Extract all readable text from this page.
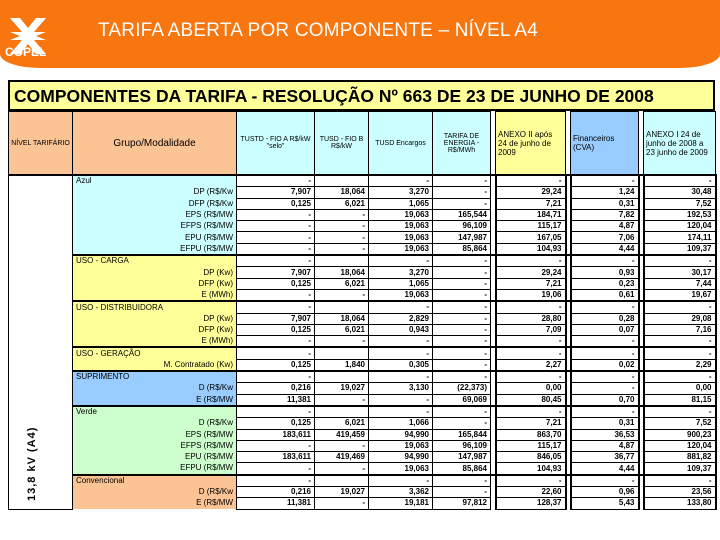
COPEL
TARIFA ABERTA POR COMPONENTE – NÍVEL A4
COMPONENTES DA TARIFA - RESOLUÇÃO Nº 663 DE 23 DE JUNHO DE 2008
NÍVEL TARIFÁRIO	Grupo/Modalidade	TUSTD - FIO A R$/kW "selo"	TUSD - FIO B R$/kW	TUSD Encargos	TARIFA DE ENERGIA - R$/MWh		ANEXO II após 24 de junho de 2009		Financeiros (CVA)		ANEXO I 24 de junho de 2008 a 23 junho de 2009

13,8 kV (A4)	Azul	-		-	-		-		-		-
	DP (R$/Kw	7,907	18,064	3,270	-		29,24		1,24		30,48
	DFP (R$/Kw	0,125	6,021	1,065	-		7,21		0,31		7,52
	EPS (R$/MW	-	-	19,063	165,544		184,71		7,82		192,53
	EFPS (R$/MW	-	-	19,063	96,109		115,17		4,87		120,04
	EPU (R$/MW	-	-	19,063	147,987		167,05		7,06		174,11
	EFPU (R$/MW	-	-	19,063	85,864		104,93		4,44		109,37
	USO - CARGA	-		-	-		-		-		-
	DP (Kw)	7,907	18,064	3,270	-		29,24		0,93		30,17
	DFP (Kw)	0,125	6,021	1,065	-		7,21		0,23		7,44
	E (MWh)	-	-	19,063	-		19,06		0,61		19,67
	USO - DISTRIBUIDORA	-		-	-		-		-		-
	DP (Kw)	7,907	18,064	2,829	-		28,80		0,28		29,08
	DFP (Kw)	0,125	6,021	0,943	-		7,09		0,07		7,16
	E (MWh)	-	-	-	-		-		-		-
	USO - GERAÇÃO	-		-	-		-		-		-
	M. Contratado (Kw)	0,125	1,840	0,305	-		2,27		0,02		2,29
	SUPRIMENTO	-		-	-		-		-		-
	D (R$/Kw	0,216	19,027	3,130	(22,373)		0,00		-		0,00
	E (R$/MW	11,381	-	-	69,069		80,45		0,70		81,15
	Verde	-		-	-		-		-		-
	D (R$/Kw	0,125	6,021	1,066	-		7,21		0,31		7,52
	EPS (R$/MW	183,611	419,459	94,990	165,844		863,70		36,53		900,23
	EFPS (R$/MW	-	-	19,063	96,109		115,17		4,87		120,04
	EPU (R$/MW	183,611	419,469	94,990	147,987		846,05		36,77		881,82
	EFPU (R$/MW	-	-	19,063	85,864		104,93		4,44		109,37
	Convencional	-		-	-		-		-		-
	D (R$/Kw	0,216	19,027	3,362	-		22,60		0,96		23,56
	E (R$/MW	11,381	-	19,181	97,812		128,37		5,43		133,80
